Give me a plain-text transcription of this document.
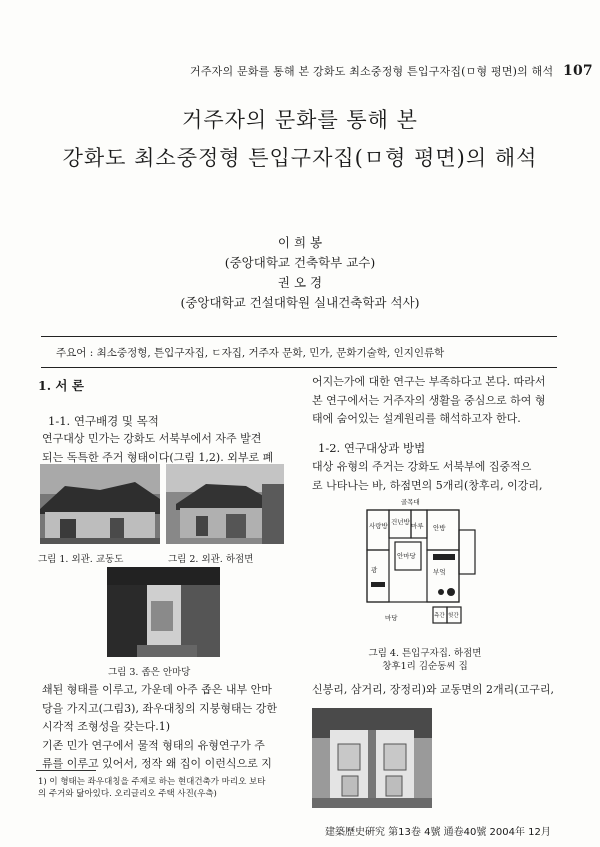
거주자의 문화를 통해 본 강화도 최소중정형 튼입구자집(ㅁ형 평면)의 해석 107
거주자의 문화를 통해 본
강화도 최소중정형 튼입구자집(ㅁ형 평면)의 해석
이 희 봉
(중앙대학교 건축학부 교수)
권 오 경
(중앙대학교 건설대학원 실내건축학과 석사)
주요어 : 최소중정형, 튼입구자집, ㄷ자집, 거주자 문화, 민가, 문화기술학, 인지인류학
1. 서 론
1-1. 연구배경 및 목적
연구대상 민가는 강화도 서북부에서 자주 발견
되는 독특한 주거 형태이다(그림 1,2). 외부로 폐
그림 1. 외관. 교동도	그림 2. 외관. 하점면
그림 3. 좁은 안마당
쇄된 형태를 이루고, 가운데 아주 좁은 내부 안마
당을 가지고(그림3), 좌우대칭의 지붕형태는 강한
시각적 조형성을 갖는다.1)
기존 민가 연구에서 물적 형태의 유형연구가 주
류를 이루고 있어서, 정작 왜 집이 이런식으로 지
1) 이 형태는 좌우대칭을 주제로 하는 현대건축가 마리오 보타
의 주거와 닮아있다. 오리글리오 주택 사진(우측)
어지는가에 대한 연구는 부족하다고 본다. 따라서
본 연구에서는 거주자의 생활을 중심으로 하여 형
태에 숨어있는 설계원리를 해석하고자 한다.
1-2. 연구대상과 방법
대상 유형의 주거는 강화도 서북부에 집중적으
로 나타나는 바, 하점면의 5개리(창후리, 이강리,
골목대
사랑방 건넌방 마루 안방
안마당
광	부엌
마당	측간 헛간
그림 4. 튼입구자집. 하점면
창후1리 김순동씨 집
신봉리, 삼거리, 장정리)와 교동면의 2개리(고구리,
建築歷史硏究 第13卷 4號 通卷40號 2004年 12月
